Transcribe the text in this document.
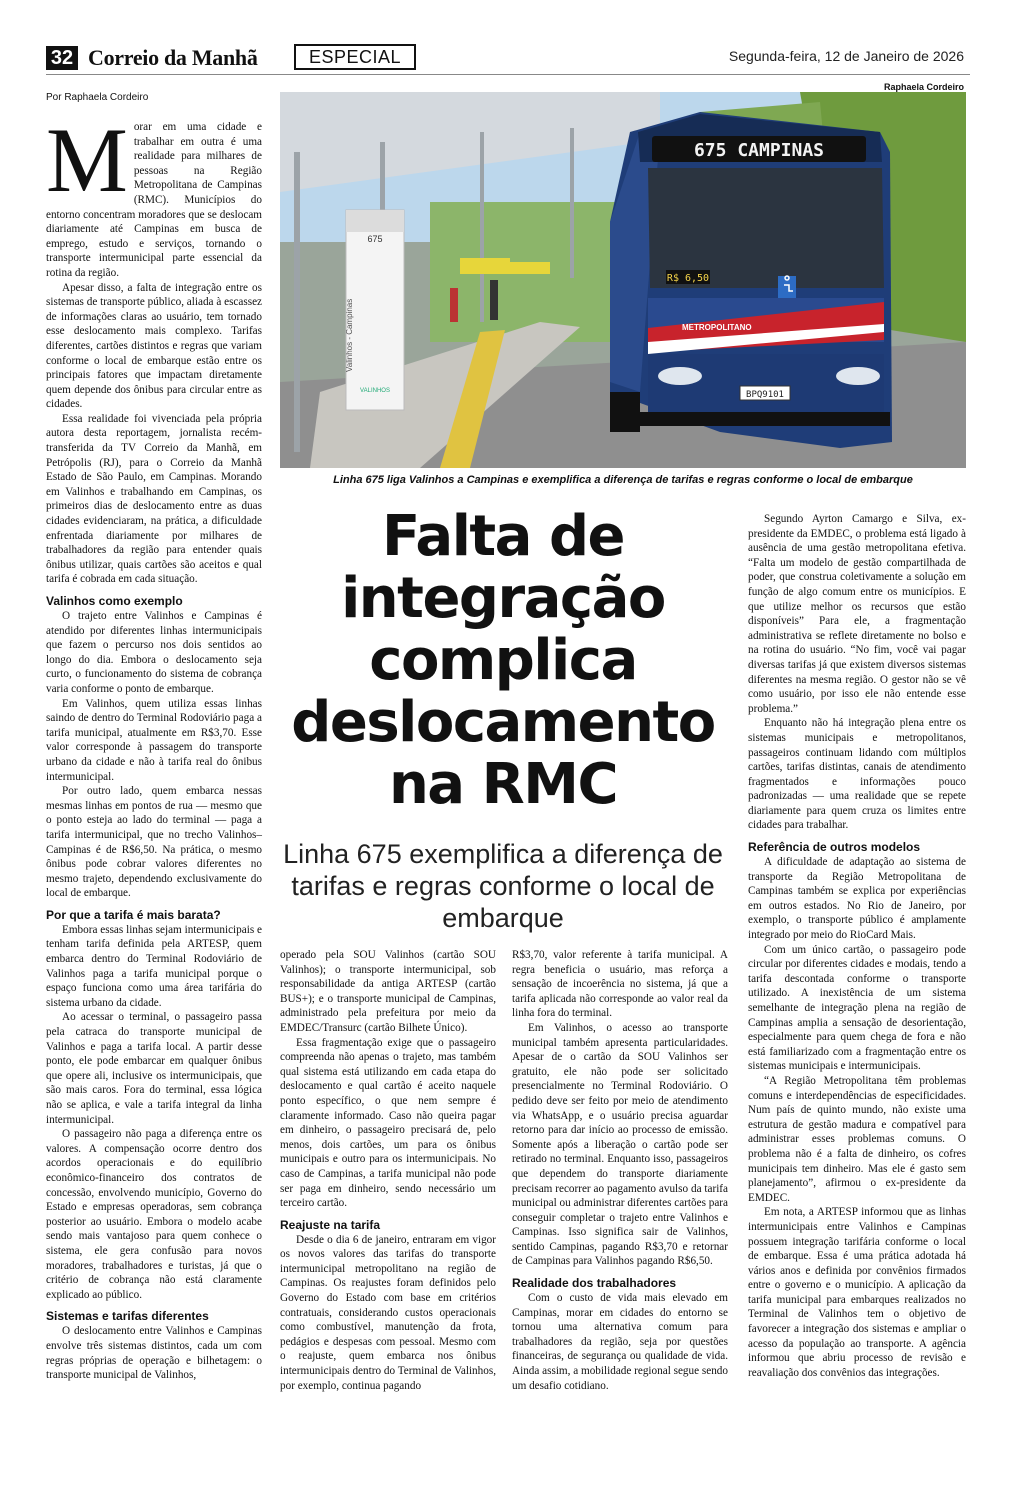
32 Correio da Manhã	ESPECIAL	Segunda-feira, 12 de Janeiro de 2026
Por Raphaela Cordeiro
Raphaela Cordeiro
675
Valinhos - Campinas
VALINHOS
675 CAMPINAS
R$ 6,50
METROPOLITANO
BPQ9101
Linha 675 liga Valinhos a Campinas e exemplifica a diferença de tarifas e regras conforme o local de embarque
Falta de integração complica deslocamento na RMC
Linha 675 exemplifica a diferença de tarifas e regras conforme o local de embarque
M orar em uma cidade e trabalhar em outra é uma realidade para milhares de pessoas na Região Metropolitana de Campinas (RMC). Municípios do entorno concentram moradores que se deslocam diariamente até Campinas em busca de emprego, estudo e serviços, tornando o transporte intermunicipal parte essencial da rotina da região.

Apesar disso, a falta de integração entre os sistemas de transporte público, aliada à escassez de informações claras ao usuário, tem tornado esse deslocamento mais complexo. Tarifas diferentes, cartões distintos e regras que variam conforme o local de embarque estão entre os principais fatores que impactam diretamente quem depende dos ônibus para circular entre as cidades.

Essa realidade foi vivenciada pela própria autora desta reportagem, jornalista recém-transferida da TV Correio da Manhã, em Petrópolis (RJ), para o Correio da Manhã Estado de São Paulo, em Campinas. Morando em Valinhos e trabalhando em Campinas, os primeiros dias de deslocamento entre as duas cidades evidenciaram, na prática, a dificuldade enfrentada diariamente por milhares de trabalhadores da região para entender quais ônibus utilizar, quais cartões são aceitos e qual tarifa é cobrada em cada situação.

Valinhos como exemplo

O trajeto entre Valinhos e Campinas é atendido por diferentes linhas intermunicipais que fazem o percurso nos dois sentidos ao longo do dia. Embora o deslocamento seja curto, o funcionamento do sistema de cobrança varia conforme o ponto de embarque.

Em Valinhos, quem utiliza essas linhas saindo de dentro do Terminal Rodoviário paga a tarifa municipal, atualmente em R$3,70. Esse valor corresponde à passagem do transporte urbano da cidade e não à tarifa real do ônibus intermunicipal.

Por outro lado, quem embarca nessas mesmas linhas em pontos de rua — mesmo que o ponto esteja ao lado do terminal — paga a tarifa intermunicipal, que no trecho Valinhos–Campinas é de R$6,50. Na prática, o mesmo ônibus pode cobrar valores diferentes no mesmo trajeto, dependendo exclusivamente do local de embarque.

Por que a tarifa é mais barata?

Embora essas linhas sejam intermunicipais e tenham tarifa definida pela ARTESP, quem embarca dentro do Terminal Rodoviário de Valinhos paga a tarifa municipal porque o espaço funciona como uma área tarifária do sistema urbano da cidade.

Ao acessar o terminal, o passageiro passa pela catraca do transporte municipal de Valinhos e paga a tarifa local. A partir desse ponto, ele pode embarcar em qualquer ônibus que opere ali, inclusive os intermunicipais, que são mais caros. Fora do terminal, essa lógica não se aplica, e vale a tarifa integral da linha intermunicipal.

O passageiro não paga a diferença entre os valores. A compensação ocorre dentro dos acordos operacionais e do equilíbrio econômico-financeiro dos contratos de concessão, envolvendo município, Governo do Estado e empresas operadoras, sem cobrança posterior ao usuário. Embora o modelo acabe sendo mais vantajoso para quem conhece o sistema, ele gera confusão para novos moradores, trabalhadores e turistas, já que o critério de cobrança não está claramente explicado ao público.

Sistemas e tarifas diferentes

O deslocamento entre Valinhos e Campinas envolve três sistemas distintos, cada um com regras próprias de operação e bilhetagem: o transporte municipal de Valinhos,

operado pela SOU Valinhos (cartão SOU Valinhos); o transporte intermunicipal, sob responsabilidade da antiga ARTESP (cartão BUS+); e o transporte municipal de Campinas, administrado pela prefeitura por meio da EMDEC/Transurc (cartão Bilhete Único).

Essa fragmentação exige que o passageiro compreenda não apenas o trajeto, mas também qual sistema está utilizando em cada etapa do deslocamento e qual cartão é aceito naquele ponto específico, o que nem sempre é claramente informado. Caso não queira pagar em dinheiro, o passageiro precisará de, pelo menos, dois cartões, um para os ônibus municipais e outro para os intermunicipais. No caso de Campinas, a tarifa municipal não pode ser paga em dinheiro, sendo necessário um terceiro cartão.

Reajuste na tarifa

Desde o dia 6 de janeiro, entraram em vigor os novos valores das tarifas do transporte intermunicipal metropolitano na região de Campinas. Os reajustes foram definidos pelo Governo do Estado com base em critérios contratuais, considerando custos operacionais como combustível, manutenção da frota, pedágios e despesas com pessoal. Mesmo com o reajuste, quem embarca nos ônibus intermunicipais dentro do Terminal de Valinhos, por exemplo, continua pagando

R$3,70, valor referente à tarifa municipal. A regra beneficia o usuário, mas reforça a sensação de incoerência no sistema, já que a tarifa aplicada não corresponde ao valor real da linha fora do terminal.

Em Valinhos, o acesso ao transporte municipal também apresenta particularidades. Apesar de o cartão da SOU Valinhos ser gratuito, ele não pode ser solicitado presencialmente no Terminal Rodoviário. O pedido deve ser feito por meio de atendimento via WhatsApp, e o usuário precisa aguardar retorno para dar início ao processo de emissão. Somente após a liberação o cartão pode ser retirado no terminal. Enquanto isso, passageiros que dependem do transporte diariamente precisam recorrer ao pagamento avulso da tarifa municipal ou administrar diferentes cartões para conseguir completar o trajeto entre Valinhos e Campinas. Isso significa sair de Valinhos, sentido Campinas, pagando R$3,70 e retornar de Campinas para Valinhos pagando R$6,50.

Realidade dos trabalhadores

Com o custo de vida mais elevado em Campinas, morar em cidades do entorno se tornou uma alternativa comum para trabalhadores da região, seja por questões financeiras, de segurança ou qualidade de vida. Ainda assim, a mobilidade regional segue sendo um desafio cotidiano.

Segundo Ayrton Camargo e Silva, ex-presidente da EMDEC, o problema está ligado à ausência de uma gestão metropolitana efetiva. “Falta um modelo de gestão compartilhada de poder, que construa coletivamente a solução em função de algo comum entre os municípios. E que utilize melhor os recursos que estão disponíveis” Para ele, a fragmentação administrativa se reflete diretamente no bolso e na rotina do usuário. “No fim, você vai pagar diversas tarifas já que existem diversos sistemas diferentes na mesma região. O gestor não se vê como usuário, por isso ele não entende esse problema.”

Enquanto não há integração plena entre os sistemas municipais e metropolitanos, passageiros continuam lidando com múltiplos cartões, tarifas distintas, canais de atendimento fragmentados e informações pouco padronizadas — uma realidade que se repete diariamente para quem cruza os limites entre cidades para trabalhar.

Referência de outros modelos

A dificuldade de adaptação ao sistema de transporte da Região Metropolitana de Campinas também se explica por experiências em outros estados. No Rio de Janeiro, por exemplo, o transporte público é amplamente integrado por meio do RioCard Mais.

Com um único cartão, o passageiro pode circular por diferentes cidades e modais, tendo a tarifa descontada conforme o transporte utilizado. A inexistência de um sistema semelhante de integração plena na região de Campinas amplia a sensação de desorientação, especialmente para quem chega de fora e não está familiarizado com a fragmentação entre os sistemas municipais e intermunicipais.

“A Região Metropolitana têm problemas comuns e interdependências de especificidades. Num país de quinto mundo, não existe uma estrutura de gestão madura e compatível para administrar esses problemas comuns. O problema não é a falta de dinheiro, os cofres municipais tem dinheiro. Mas ele é gasto sem planejamento”, afirmou o ex-presidente da EMDEC.

Em nota, a ARTESP informou que as linhas intermunicipais entre Valinhos e Campinas possuem integração tarifária conforme o local de embarque. Essa é uma prática adotada há vários anos e definida por convênios firmados entre o governo e o município. A aplicação da tarifa municipal para embarques realizados no Terminal de Valinhos tem o objetivo de favorecer a integração dos sistemas e ampliar o acesso da população ao transporte. A agência informou que abriu processo de revisão e reavaliação dos convênios das integrações.
